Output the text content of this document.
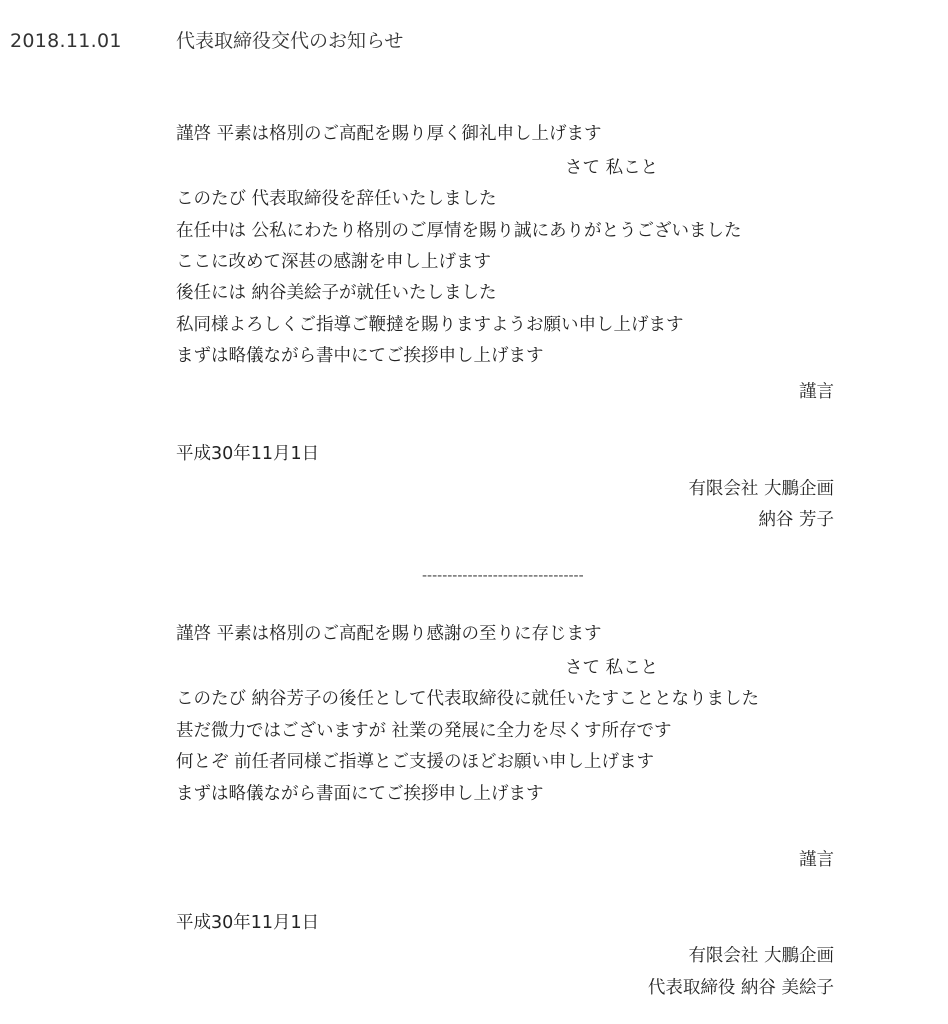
2018.11.01	代表取締役交代のお知らせ
謹啓 平素は格別のご高配を賜り厚く御礼申し上げます
さて 私こと
このたび 代表取締役を辞任いたしました
在任中は 公私にわたり格別のご厚情を賜り誠にありがとうございました
ここに改めて深甚の感謝を申し上げます
後任には 納谷美絵子が就任いたしました
私同様よろしくご指導ご鞭撻を賜りますようお願い申し上げます
まずは略儀ながら書中にてご挨拶申し上げます
謹言
平成30年11月1日
有限会社 大鵬企画
納谷 芳子
--------------------------------
謹啓 平素は格別のご高配を賜り感謝の至りに存じます
さて 私こと
このたび 納谷芳子の後任として代表取締役に就任いたすこととなりました
甚だ微力ではございますが 社業の発展に全力を尽くす所存です
何とぞ 前任者同様ご指導とご支援のほどお願い申し上げます
まずは略儀ながら書面にてご挨拶申し上げます
謹言
平成30年11月1日
有限会社 大鵬企画
代表取締役 納谷 美絵子
